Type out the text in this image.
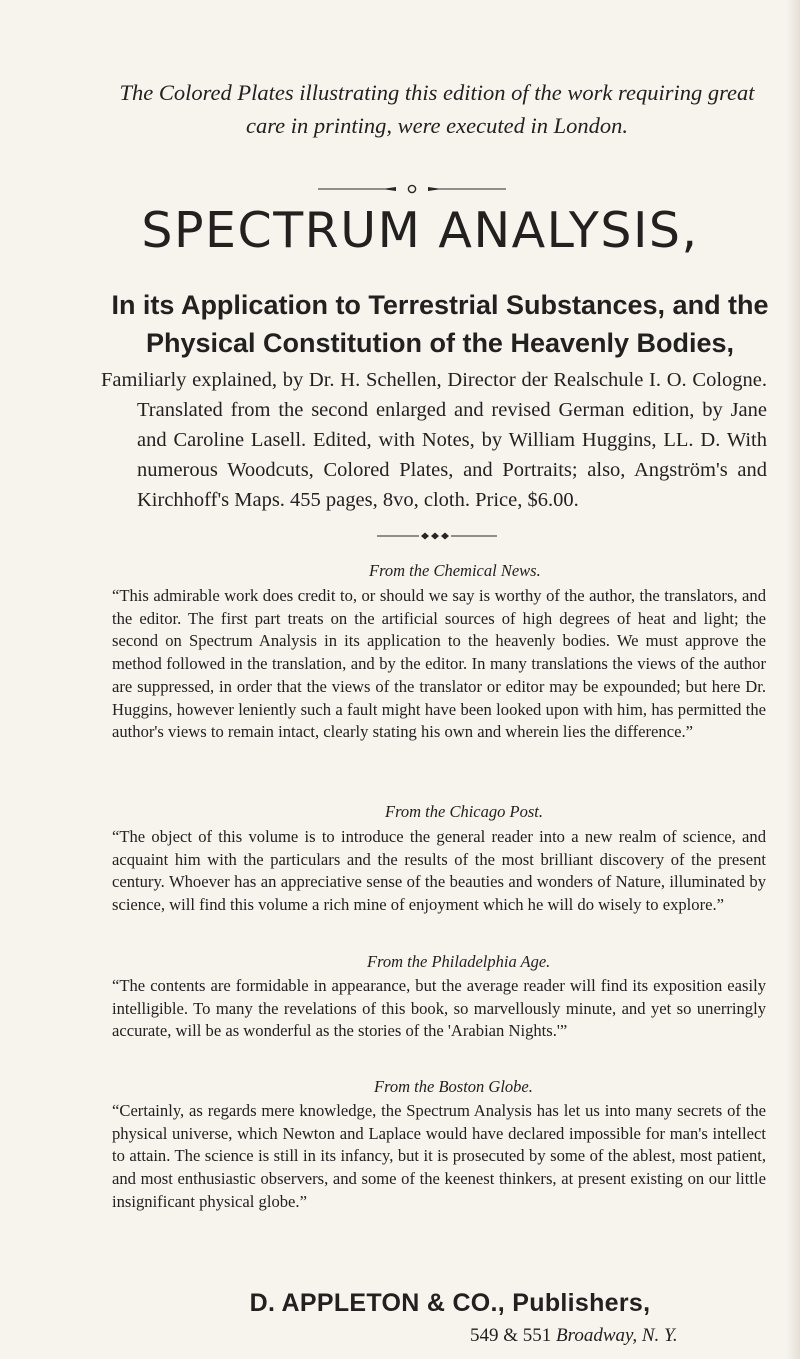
The Colored Plates illustrating this edition of the work requiring great care in printing, were executed in London.

SPECTRUM ANALYSIS,
In its Application to Terrestrial Substances, and the Physical Constitution of the Heavenly Bodies,

Familiarly explained, by Dr. H. Schellen, Director der Realschule I. O. Cologne. Translated from the second enlarged and revised German edition, by Jane and Caroline Lasell. Edited, with Notes, by William Huggins, LL. D. With numerous Woodcuts, Colored Plates, and Portraits; also, Angström's and Kirchhoff's Maps. 455 pages, 8vo, cloth. Price, $6.00.

From the Chemical News.

“ This admirable work does credit to, or should we say is worthy of the author, the translators, and the editor. The first part treats on the artificial sources of high degrees of heat and light; the second on Spectrum Analysis in its application to the heavenly bodies. We must approve the method followed in the translation, and by the editor. In many translations the views of the author are suppressed, in order that the views of the translator or editor may be expounded; but here Dr. Huggins, however leniently such a fault might have been looked upon with him, has permitted the author's views to remain intact, clearly stating his own and wherein lies the difference. ”

From the Chicago Post.

“ The object of this volume is to introduce the general reader into a new realm of science, and acquaint him with the particulars and the results of the most brilliant discovery of the present century. Whoever has an appreciative sense of the beauties and wonders of Nature, illuminated by science, will find this volume a rich mine of enjoyment which he will do wisely to explore. ”

From the Philadelphia Age.

“ The contents are formidable in appearance, but the average reader will find its exposition easily intelligible. To many the revelations of this book, so marvellously minute, and yet so unerringly accurate, will be as wonderful as the stories of the 'Arabian Nights.' ”

From the Boston Globe.

“ Certainly, as regards mere knowledge, the Spectrum Analysis has let us into many secrets of the physical universe, which Newton and Laplace would have declared impossible for man's intellect to attain. The science is still in its infancy, but it is prosecuted by some of the ablest, most patient, and most enthusiastic observers, and some of the keenest thinkers, at present existing on our little insignificant physical globe. ”

D. APPLETON & CO., Publishers,

549 & 551 Broadway, N. Y.
